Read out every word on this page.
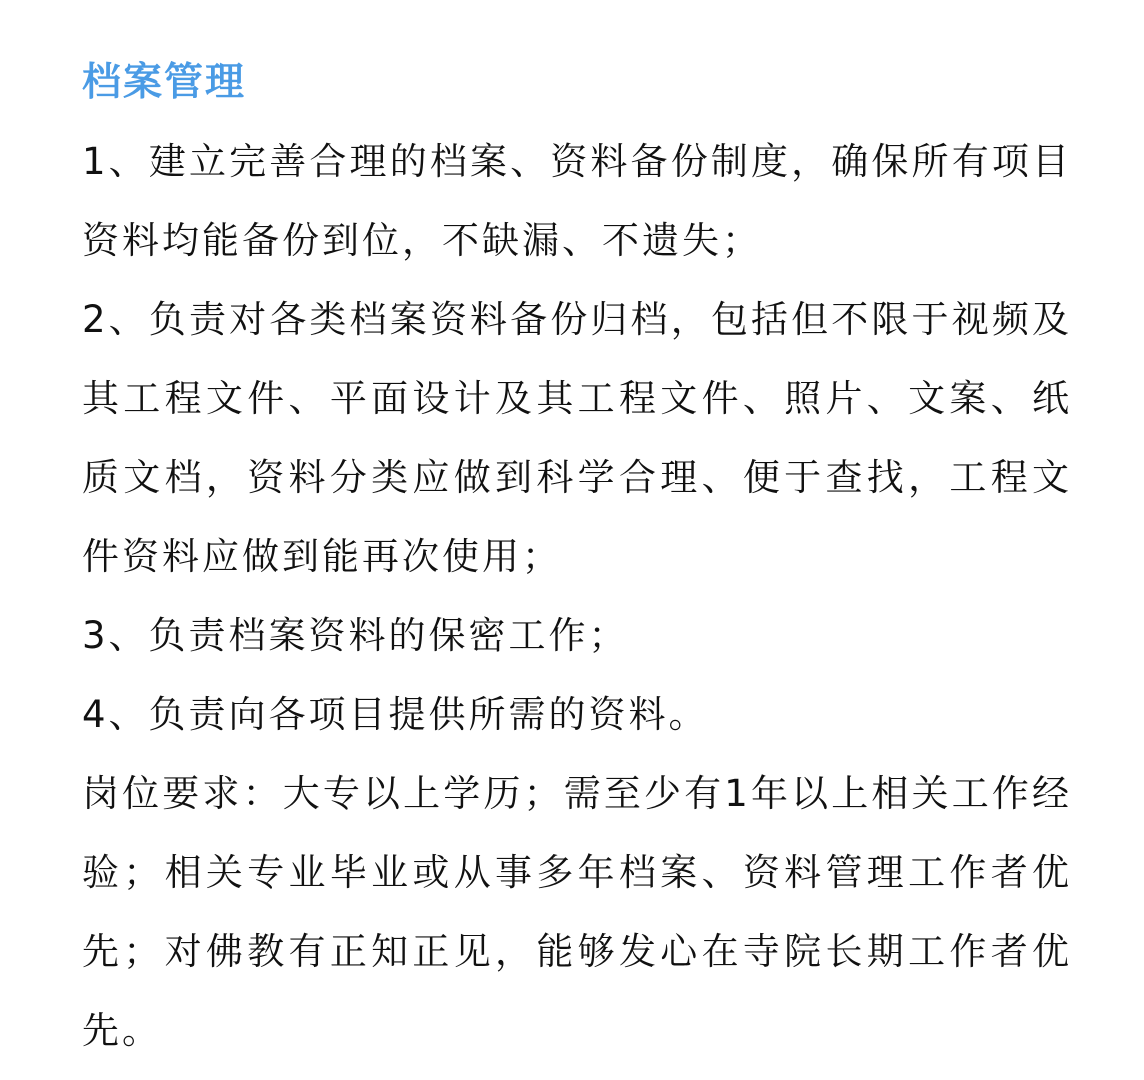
档案管理

1、建立完善合理的档案、资料备份制度，确保所有项目资料均能备份到位，不缺漏、不遗失；

2、负责对各类档案资料备份归档，包括但不限于视频及其工程文件、平面设计及其工程文件、照片、文案、纸质文档，资料分类应做到科学合理、便于查找，工程文件资料应做到能再次使用；

3、负责档案资料的保密工作；

4、负责向各项目提供所需的资料。

岗位要求：大专以上学历；需至少有1年以上相关工作经验；相关专业毕业或从事多年档案、资料管理工作者优先；对佛教有正知正见，能够发心在寺院长期工作者优先。
